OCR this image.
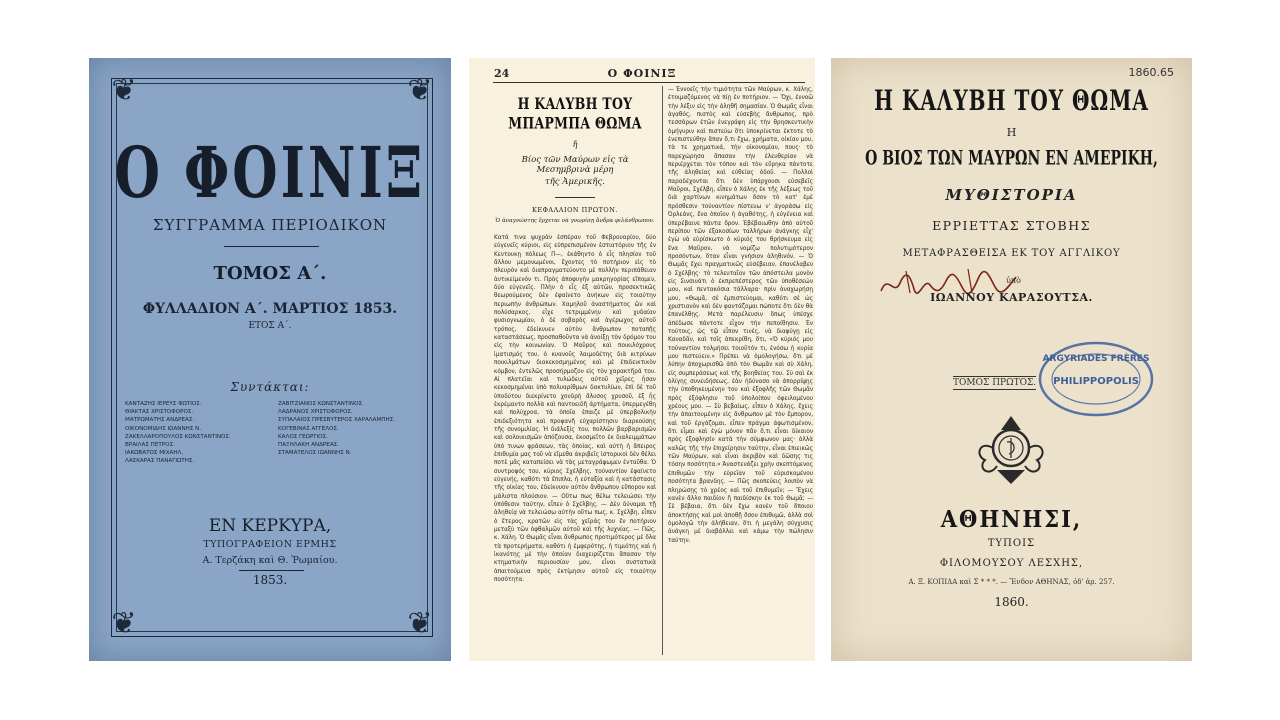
❦	❦
❦	❦
Ο ΦΟΙΝΙΞ
ΣΥΓΓΡΑΜΜΑ ΠΕΡΙΟΔΙΚΟΝ
ΤΟΜΟΣ Α΄.
ΦΥΛΛΑΔΙΟΝ Α΄. ΜΑΡΤΙΟΣ 1853.
ΕΤΟΣ Α΄.
Συντάκται:
ΚΑΝΤΑΖΗΣ ΙΕΡΕΥΣ ΦΩΤΙΟΣ.	ΖΑΒΙΤΖΙΑΝΟΣ ΚΩΝΣΤΑΝΤΙΝΟΣ.
ΘΙΑΚΤΑΣ ΧΡΙΣΤΟΦΟΡΟΣ.	ΛΑΔΡΑΝΟΣ ΧΡΙΣΤΟΦΟΡΟΣ.
ΜΑΤΡΩΜΑΤΗΣ ΑΝΔΡΕΑΣ.	ΣΥΠΑΛΑΙΟΣ ΠΡΕΣΒΥΤΕΡΟΣ ΧΑΡΑΛΑΜΠΗΣ.
ΟΙΚΟΝΟΜΙΔΗΣ ΙΩΑΝΝΗΣ Ν.	ΚΟΓΕΒΙΝΑΣ ΑΓΓΕΛΟΣ.
ΖΑΚΕΛΛΑΡΟΠΟΥΛΟΣ ΚΩΝΣΤΑΝΤΙΝΟΣ.	ΚΑΛΟΣ ΓΕΩΡΓΙΟΣ.
ΒΡΑΙΛΑΣ ΠΕΤΡΟΣ.	ΠΑΞΗΛΑΚΗ ΑΝΔΡΕΑΣ.
ΙΑΚΩΒΑΤΟΣ ΜΙΧΑΗΛ.	ΣΤΑΜΑΤΕΛΟΣ ΙΩΑΝΝΗΣ Ν.
ΛΑΣΚΑΡΑΣ ΠΑΝΑΓΙΩΤΗΣ.
ΕΝ ΚΕΡΚΥΡΑ,
ΤΥΠΟΓΡΑΦΕΙΟΝ ΕΡΜΗΣ
Α. Τερζάκη καὶ Θ. Ῥωμαίου.
1853.
24	Ο ΦΟΙΝΙΞ
Η ΚΑΛΥΒΗ ΤΟΥ ΜΠΑΡΜΠΑ ΘΩΜΑ
ἤ
Βίος τῶν Μαύρων εἰς τὰ Μεσημβρινὰ μέρη
τῆς Ἀμερικῆς.
ΚΕΦΑΛΑΙΟΝ ΠΡΩΤΟΝ.
Ὁ ἀναγνώστης ἔρχεται νὰ γνωρίσῃ ἄνδρα φιλάνθρωπον.
Κατά τινα ψυχρὰν ἑσπέραν τοῦ Φεβρουαρίου, δύο εὐγενεῖς κύριοι, εἰς εὐπρεπισμένον ἑστιατόριον τῆς ἐν Κεντουκῃ πόλεως Π—, ἐκάθηντο ὁ εἷς πλησίον τοῦ ἄλλου μεμονωμένοι, ἔχοντες τὸ ποτήριον εἰς τὸ πλευρὸν καὶ διαπραγματεύοντο μὲ πολλὴν περιπάθειαν ἀντικείμενόν τι. Πρὸς ἀποφυγὴν μακρηγορίας εἴπομεν, δύο εὐγενεῖς. Πλὴν ὁ εἷς ἐξ αὐτῶν, προσεκτικῶς θεωρούμενος δὲν ἐφαίνετο ἀνήκων εἰς τοιαύτην περιωπὴν ἀνθρώπων. Χαμηλοῦ ἀναστήματος ὢν καὶ πολύσαρκος, εἶχε τετριμμένην καὶ χυδαίαν φυσιογνωμίαν, ὁ δὲ σοβαρὸς καὶ ἀγέρωχος αὐτοῦ τρόπος, ἐδείκνυεν αὐτὸν ἄνθρωπον ποταπῆς καταστάσεως, προσπαθοῦντα νὰ ἀνοίξῃ τὸν δρόμον του εἰς τὴν κοινωνίαν. Ὁ Μαῦρος καὶ ποικιλόχρους ἱματισμός του, ὁ κυανοῦς λαιμοδέτης διὰ κιτρίνων ποικιλμάτων διακεκοσμημένος καὶ μὲ ἐπιδεικτικὸν κόμβον, ἐντελῶς προσήρμοζον εἰς τὸν χαρακτῆρά του. Αἱ πλατεῖαι καὶ τυλώδεις αὐτοῦ χεῖρες ἦσαν κεκοσμημέναι ὑπὸ πολυαρίθμων δακτυλίων, ἐπὶ δὲ τοῦ ὑποδύτου διεκρίνετο χονδρὴ ἅλυσος χρυσοῦ, ἐξ ἧς ἐκρέμαντο πολλὰ καὶ παντοειδῆ ἀρτήματα, ὑπερμεγέθη καὶ πολύχροα, τὰ ὁποῖα ἐπαιζε μὲ ὑπερβολικὴν ἐπιδεξιότητα καὶ προφανῆ εὐχαρίστησιν διαρκούσης τῆς συνομιλίας. Ἡ διάλεξίς του, πολλῶν βαρβαρισμῶν καὶ σολοικισμῶν ἀπόζουσα, ἐκοσμεῖτο ἐκ διαλειμμάτων ὑπό τινων φράσεων, τὰς ὁποίας, καὶ αὐτὴ ἡ ἄπειρος ἐπιθυμία μας τοῦ νὰ εἴμεθα ἀκριβεῖς ἱστορικοὶ δὲν θέλει ποτὲ μᾶς καταπείσει νὰ τὰς μεταγράψωμεν ἐνταῦθα. Ὁ συντροφός του, κύριος Σχέλβης, τοὐναντίον ἐφαίνετο εὐγενής, καθότι τὰ ἔπιπλα, ἡ εὐταξία καὶ ἡ κατάστασις τῆς οἰκίας του, ἐδείκνυον αὐτὸν ἄνθρωπον εὔπορον καὶ μάλιστα πλούσιον. — Οὕτω πως θέλω τελειώσει τὴν ὑπόθεσιν ταύτην, εἶπεν ὁ Σχέλβης. — Δὲν δύναμαι τῇ ἀληθείᾳ νὰ τελειώσω αὐτὴν οὕτω πως, κ. Σχέλβη, εἶπεν ὁ ἕτερος, κρατῶν εἰς τὰς χεῖράς του ἓν ποτήριον μεταξὺ τῶν ὀφθαλμῶν αὐτοῦ καὶ τῆς λυχνίας. — Πῶς, κ. Χάλη. Ὁ Θωμᾶς εἶναι ἄνθρωπος προτιμότερος μὲ ὅλα τὰ προτερήματα, καθότι ἡ ἐμφερότης, ἡ τιμιότης καὶ ἡ ἱκανότης μὲ τὴν ὁποίαν διαχειρίζεται ἅπασαν τὴν κτηματικὴν περιουσίαν μου, εἶναι συστατικὰ ἀπαιτούμενα πρὸς ἐκτίμησιν αὐτοῦ εἰς τοιαύτην ποσότητα.
— Ἐννοεῖς τὴν τιμιότητα τῶν Μαύρων, κ. Χάλης, ἑτοιμαζόμενος νὰ πίῃ ἐν ποτήριον. — Ὄχι, ἐννοῶ τὴν λέξιν εἰς τὴν ἀληθῆ σημασίαν. Ὁ Θωμᾶς εἶναι ἀγαθός, πιστὸς καὶ εὐσεβὴς ἄνθρωπος, πρὸ τεσσάρων ἐτῶν ἐνεγράφη εἰς τὴν θρησκευτικὴν ὁμήγυριν καὶ πιστεύω ὅτι ὑποκρίνεται ἐκτοτε τὸ ἐνεπιστεύθην ἅπαν ὅ,τι ἔχω, χρήματα, οἰκίαν μου, τὰ τε χρηματικά, τὴν οἰκονομίαν, πους· τὸ παρεχώρησα ἅπασαν τὴν ἐλευθερίαν νὰ περιέρχεται τὸν τόπον καὶ τὸν εὕρηκα πάντοτε τῆς ἀληθείας καὶ εὐθείας ὁδοῦ. — Πολλοὶ παραδέχονται ὅτι δὲν ὑπάρχουσι εὐσεβεῖς Μαῦροι, Σχέλβη, εἶπεν ὁ Χάλης ἐκ τῆς λέξεως τοῦ διὰ χαρτίνων κινημάτων ὅσον τὸ κατ' ἐμὲ πρόσθεσιν τοὐναντίον πίστευω ν' ἀγοράσω εἰς Ὀρλεάνς, ἕνα ὁποῖον ἡ ἀγαθότης, ἡ εὐγένεια καὶ ὑπερέβαινε πάντα ὅρον. Ἐβέβαιωθην ἀπὸ αὐτοῦ περίπου τῶν ἑξακοσίων ταλλήρων ἀνάγκης εἶχ' ἐγὼ νὰ εὑρίσκωτο ὁ κύριός του θρήσκευμα εἰς ἕνα Μαῦρον, νὰ νομίζω πολυτιμότερον προσόντων, ὅταν εἶναι γνήσιον ἀληθινόν. — Ὁ Θωμᾶς ἔχει πραγματικῶς εὐσέβειαν, ἐπανέλαβεν ὁ Σχέλβης· τὸ τελευταῖον τῶν ἀπόστειλα μονὸν εἰς Σινσινάτι ὁ ἐκπρεπέστερος τῶν ὑποθέσεών μου, καὶ πεντακόσια τάλλαρα· πρὶν ἀναχωρήσῃ μου, «Θωμᾶ, σὲ ἐμπιστεύομαι, καθότι σὲ ὡς χριστιανὸν καὶ δὲν φαντάζομαι πώποτε ὅτι δὲν θὰ ἐπανέλθῃς. Μετὰ παρέλευσιν ὅπως ὑπέσχε ἀπέδωσε πάντοτε εἶχον τὴν πεποίθησιν. Ἐν τούτοις, ὡς τῷ εἶπον τινές, νὰ διαφύγῃ εἰς Καναδᾶν, καὶ τοῖς ἀπεκρίθη, ὅτι, «Ὁ κύριός μου τοὐναντίον τολμήσει τοιοῦτόν τι, ἐνόσω ἡ κυρία μου πιστεύειν.» Πρέπει νὰ ὁμολογήσω, ὅτι μὲ λύπην ἀποχωρισθῶ ἀπὸ τὸν Θωμᾶν καὶ σὺ Χάλη, εἰς συμπεράσεως καὶ τῆς βοηθείας του. Σὺ σαὶ ἐκ ὀλίγης συνειδήσεως, ἐὰν ἠδύνασο νὰ ἀπορρίψῃς τὴν ὑποθηκευμένην του καὶ ἐξοφλῆς τῶν Θωμᾶν πρὸς ἐξόφλησιν τοῦ ὑπολοίπου ὀφειλομένου χρέους μου. — Σὺ βεβαίως, εἶπεν ὁ Χάλης, ἔχεις τὴν ἀπαιτουμένην εἰς ἄνθρωπον μὲ τὸν ἔμπορον, καὶ τοῦ ἐργάζομαι, εἶπεν πράγμα ἀφωτισμένον, ὅτι εἶμαι καὶ ἐγὼ μόνον πᾶν ὅ,τι εἶναι δίκαιον πρὸς ἐξοφλησίν κατὰ τὴν σύμφωνον μας· ἀλλὰ καλῶς τῆς τὴν ἐπιχείρησιν ταύτην, εἶναι ἐπιεικῶς τῶν Μαύρων, καὶ εἶναι ἀκριβὸν καὶ δῶσης τις τόσην ποσότητα.» Ἀναστενάζει χρὴν σκεπτόμενος ἐπιθυμῶν τὴν εὐρεῖαν τοῦ εὐρισκομένου ποσότητα βρανδης. — Πῶς σκοπεύεις λοιπὸν νὰ πληρώσῃς τὸ χρέος καὶ τοῦ ἐπιθυμεῖν; — Ἔχεις κανὲν ἄλλο παιδίον ἢ παιδίσκην ἐκ τοῦ Θωμᾶ; — Σὲ βέβαια, ὅτι δὲν ἔχω κανὲν τοῦ ὅποιου ἀποκτήσῃς καὶ μοὶ ἀποθῇ ὅσον ἐπιθυμῶ, ἀλλὰ σοὶ ὁμολογῶ τὴν ἀλήθειαν, ὅτι ἡ μεγάλη σύγχυσις ἀνάγκη μὲ διαβάλλει καὶ κάμω τὴν πώλησιν ταύτην.
1860.65
Η ΚΑΛΥΒΗ ΤΟΥ ΘΩΜΑ
Η
Ο ΒΙΟΣ ΤΩΝ ΜΑΥΡΩΝ ΕΝ ΑΜΕΡΙΚΗ,
ΜΥΘΙΣΤΟΡΙΑ
ΕΡΡΙΕΤΤΑΣ ΣΤΟΒΗΣ
ΜΕΤΑΦΡΑΣΘΕΙΣΑ ΕΚ ΤΟΥ ΑΓΓΛΙΚΟΥ
ὑπὸ
ΙΩΑΝΝΟΥ ΚΑΡΑΣΟΥΤΣΑ.
ΤΟΜΟΣ ΠΡΩΤΟΣ.
ARGYRIADES FRÈRES
PHILIPPOPOLIS
ΑΘΗΝΗΣΙ,
ΤΥΠΟΙΣ
ΦΙΛΟΜΟΥΣΟΥ ΛΕΣΧΗΣ,
Α. Ξ. ΚΟΠΙΔΑ καὶ Σ * * *. — Ἔνδον ΑΘΗΝΑΣ, ὁδ' ἀρ. 257.
1860.
